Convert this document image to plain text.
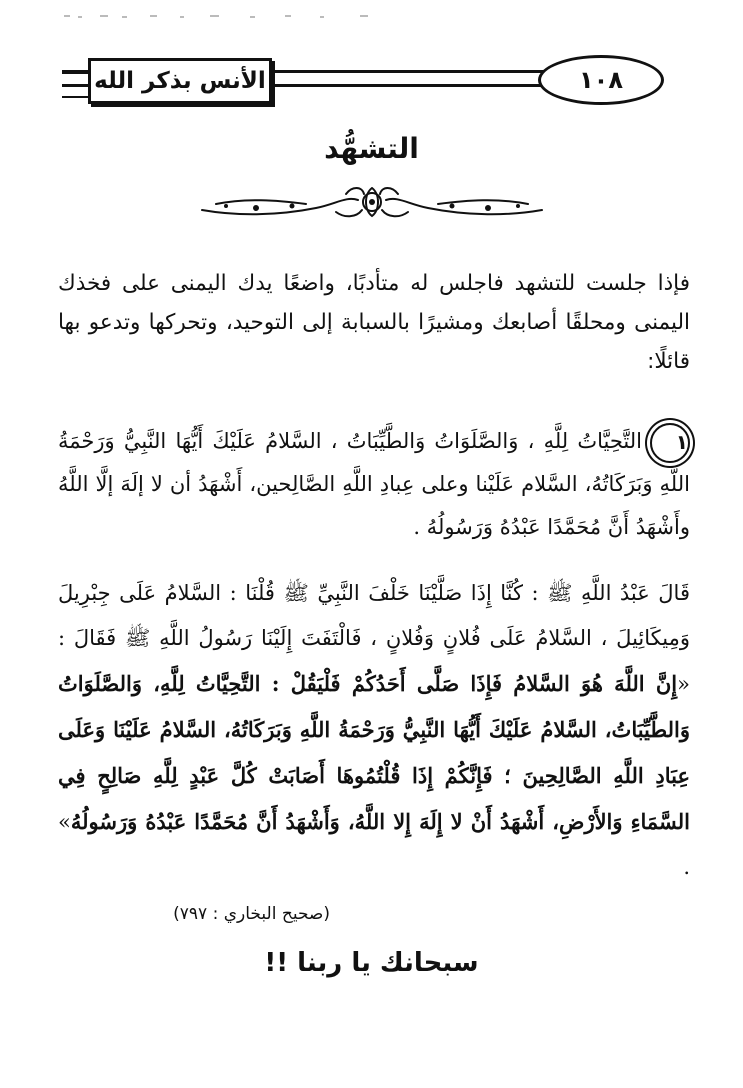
الأنس بذكر الله	١٠٨
التشهُّد
فإذا جلست للتشهد فاجلس له متأدبًا، واضعًا يدك اليمنى على فخذك اليمنى ومحلقًا أصابعك ومشيرًا بالسبابة إلى التوحيد، وتحركها وتدعو بها قائلًا:
١التَّحِيَّاتُ لِلَّهِ ، وَالصَّلَوَاتُ وَالطَّيِّبَاتُ ، السَّلامُ عَلَيْكَ أَيُّهَا النَّبِيُّ وَرَحْمَةُ اللَّهِ وَبَرَكَاتُهُ، السَّلام عَلَيْنا وعلى عِبادِ اللَّهِ الصَّالِحين، أَشْهَدُ أن لا إلَهَ إلَّا اللَّهُ وأَشْهَدُ أَنَّ مُحَمَّدًا عَبْدُهُ وَرَسُولُهُ .
قَالَ عَبْدُ اللَّهِ ﷺ : كُنَّا إِذَا صَلَّيْنَا خَلْفَ النَّبِيِّ ﷺ قُلْنَا : السَّلامُ عَلَى جِبْرِيلَ وَمِيكَائِيلَ ، السَّلامُ عَلَى فُلانٍ وَفُلانٍ ، فَالْتَفَتَ إِلَيْنَا رَسُولُ اللَّهِ ﷺ فَقَالَ : «إِنَّ اللَّهَ هُوَ السَّلامُ فَإِذَا صَلَّى أَحَدُكُمْ فَلْيَقُلْ : التَّحِيَّاتُ لِلَّهِ، وَالصَّلَوَاتُ وَالطَّيِّبَاتُ، السَّلامُ عَلَيْكَ أَيُّهَا النَّبِيُّ وَرَحْمَةُ اللَّهِ وَبَرَكَاتُهُ، السَّلامُ عَلَيْنَا وَعَلَى عِبَادِ اللَّهِ الصَّالِحِينَ ؛ فَإِنَّكُمْ إِذَا قُلْتُمُوهَا أَصَابَتْ كُلَّ عَبْدٍ لِلَّهِ صَالِحٍ فِي السَّمَاءِ وَالأَرْضِ، أَشْهَدُ أَنْ لا إِلَهَ إِلا اللَّهُ، وَأَشْهَدُ أَنَّ مُحَمَّدًا عَبْدُهُ وَرَسُولُهُ» .
(صحيح البخاري : ٧٩٧)
سبحانك يا ربنا !!
